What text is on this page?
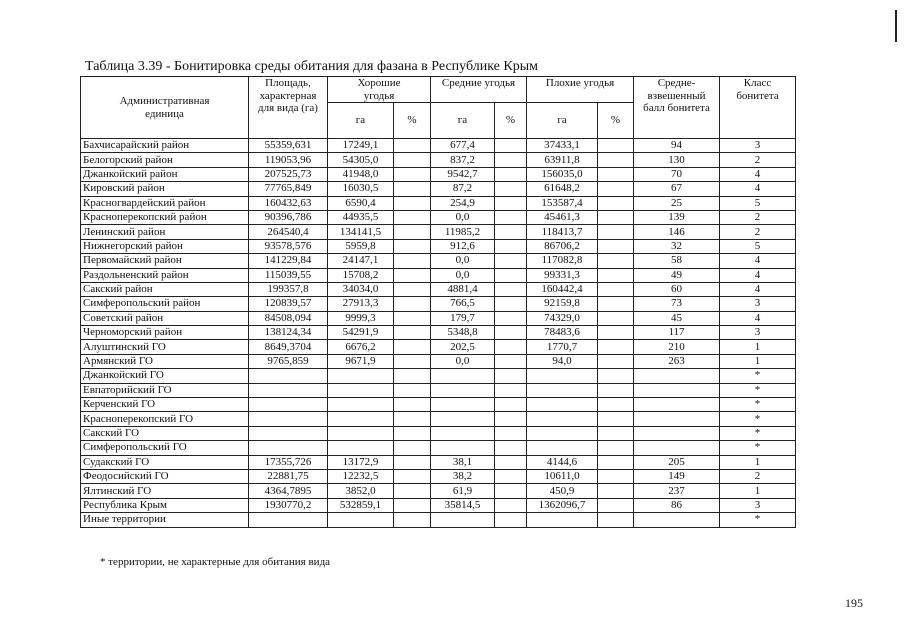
Таблица 3.39 - Бонитировка среды обитания для фазана в Республике Крым
Административная единица	Площадь, характерная для вида (га)	Хорошие угодья		Средние угодья		Плохие угодья		Средне-взвешенный балл бонитета	Класс бонитета
		га	%	га	%	га	%		
Бахчисарайский район	55359,631	17249,1		677,4		37433,1		94	3
Белогорский район	119053,96	54305,0		837,2		63911,8		130	2
Джанкойский район	207525,73	41948,0		9542,7		156035,0		70	4
Кировский район	77765,849	16030,5		87,2		61648,2		67	4
Красногвардейский район	160432,63	6590,4		254,9		153587,4		25	5
Красноперекопский район	90396,786	44935,5		0,0		45461,3		139	2
Ленинский район	264540,4	134141,5		11985,2		118413,7		146	2
Нижнегорский район	93578,576	5959,8		912,6		86706,2		32	5
Первомайский район	141229,84	24147,1		0,0		117082,8		58	4
Раздольненский район	115039,55	15708,2		0,0		99331,3		49	4
Сакский район	199357,8	34034,0		4881,4		160442,4		60	4
Симферопольский район	120839,57	27913,3		766,5		92159,8		73	3
Советский район	84508,094	9999,3		179,7		74329,0		45	4
Черноморский район	138124,34	54291,9		5348,8		78483,6		117	3
Алуштинский ГО	8649,3704	6676,2		202,5		1770,7		210	1
Армянский ГО	9765,859	9671,9		0,0		94,0		263	1
Джанкойский ГО									*
Евпаторийский ГО									*
Керченский ГО									*
Красноперекопский ГО									*
Сакский ГО									*
Симферопольский ГО									*
Судакский ГО	17355,726	13172,9		38,1		4144,6		205	1
Феодосийский ГО	22881,75	12232,5		38,2		10611,0		149	2
Ялтинский ГО	4364,7895	3852,0		61,9		450,9		237	1
Республика Крым	1930770,2	532859,1		35814,5		1362096,7		86	3
Иные территории									*
* территории, не характерные для обитания вида
195
